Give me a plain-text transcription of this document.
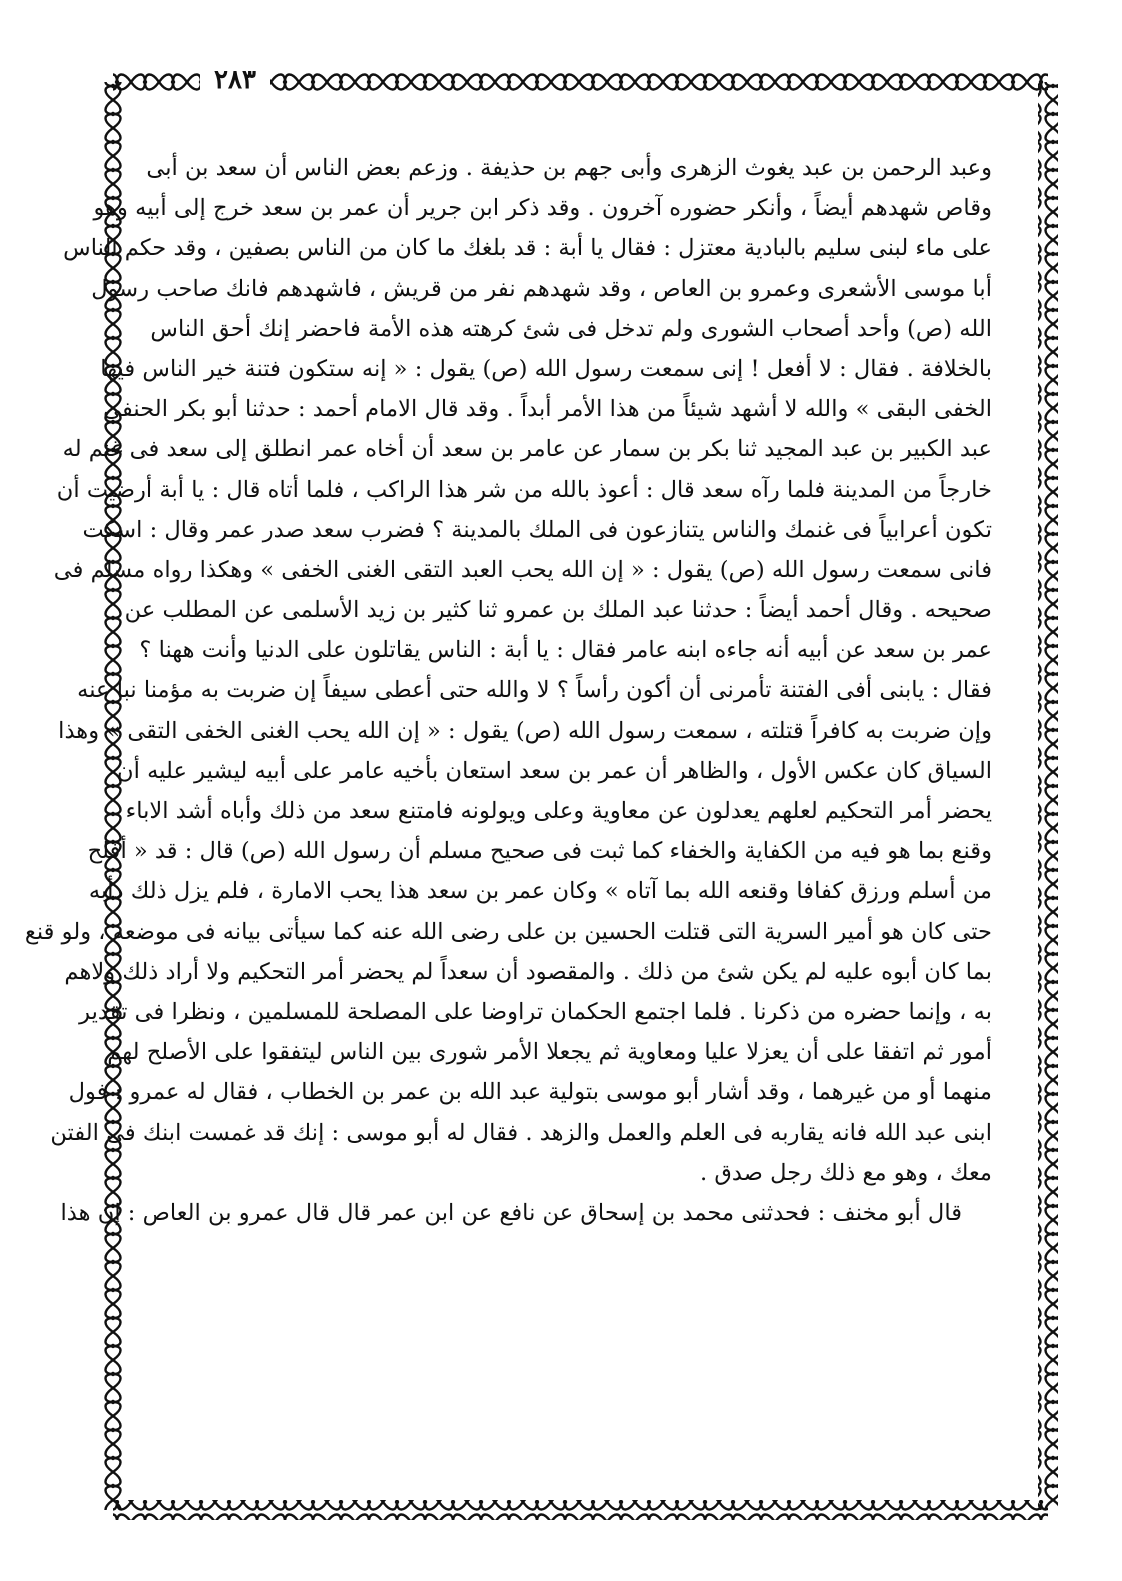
٢٨٣
وعبد الرحمن بن عبد يغوث الزهرى وأبى جهم بن حذيفة . وزعم بعض الناس أن سعد بن أبى
وقاص شهدهم أيضاً ، وأنكر حضوره آخرون . وقد ذكر ابن جرير أن عمر بن سعد خرج إلى أبيه وهو
على ماء لبنى سليم بالبادية معتزل : فقال يا أبة : قد بلغك ما كان من الناس بصفين ، وقد حكم الناس
أبا موسى الأشعرى وعمرو بن العاص ، وقد شهدهم نفر من قريش ، فاشهدهم فانك صاحب رسول
الله (ص) وأحد أصحاب الشورى ولم تدخل فى شئ كرهته هذه الأمة فاحضر إنك أحق الناس
بالخلافة . فقال : لا أفعل ! إنى سمعت رسول الله (ص) يقول : « إنه ستكون فتنة خير الناس فيها
الخفى البقى » والله لا أشهد شيئاً من هذا الأمر أبداً . وقد قال الامام أحمد : حدثنا أبو بكر الحنفى
عبد الكبير بن عبد المجيد ثنا بكر بن سمار عن عامر بن سعد أن أخاه عمر انطلق إلى سعد فى غنم له
خارجاً من المدينة فلما رآه سعد قال : أعوذ بالله من شر هذا الراكب ، فلما أتاه قال : يا أبة أرضيت أن
تكون أعرابياً فى غنمك والناس يتنازعون فى الملك بالمدينة ؟ فضرب سعد صدر عمر وقال : اسكت
فانى سمعت رسول الله (ص) يقول : « إن الله يحب العبد التقى الغنى الخفى » وهكذا رواه مسلم فى
صحيحه . وقال أحمد أيضاً : حدثنا عبد الملك بن عمرو ثنا كثير بن زيد الأسلمى عن المطلب عن
عمر بن سعد عن أبيه أنه جاءه ابنه عامر فقال : يا أبة : الناس يقاتلون على الدنيا وأنت ههنا ؟
فقال : يابنى أفى الفتنة تأمرنى أن أكون رأساً ؟ لا والله حتى أعطى سيفاً إن ضربت به مؤمنا نبا عنه
وإن ضربت به كافراً قتلته ، سمعت رسول الله (ص) يقول : « إن الله يحب الغنى الخفى التقى » وهذا
السياق كان عكس الأول ، والظاهر أن عمر بن سعد استعان بأخيه عامر على أبيه ليشير عليه أن
يحضر أمر التحكيم لعلهم يعدلون عن معاوية وعلى ويولونه فامتنع سعد من ذلك وأباه أشد الاباء
وقنع بما هو فيه من الكفاية والخفاء كما ثبت فى صحيح مسلم أن رسول الله (ص) قال : قد « أفلح
من أسلم ورزق كفافا وقنعه الله بما آتاه » وكان عمر بن سعد هذا يحب الامارة ، فلم يزل ذلك دأبه
حتى كان هو أمير السرية التى قتلت الحسين بن على رضى الله عنه كما سيأتى بيانه فى موضعه ، ولو قنع
بما كان أبوه عليه لم يكن شئ من ذلك . والمقصود أن سعداً لم يحضر أمر التحكيم ولا أراد ذلك ولاهم
به ، وإنما حضره من ذكرنا . فلما اجتمع الحكمان تراوضا على المصلحة للمسلمين ، ونظرا فى تقدير
أمور ثم اتفقا على أن يعزلا عليا ومعاوية ثم يجعلا الأمر شورى بين الناس ليتفقوا على الأصلح لهم
منهما أو من غيرهما ، وقد أشار أبو موسى بتولية عبد الله بن عمر بن الخطاب ، فقال له عمرو : فول
ابنى عبد الله فانه يقاربه فى العلم والعمل والزهد . فقال له أبو موسى : إنك قد غمست ابنك فى الفتن
معك ، وهو مع ذلك رجل صدق .
قال أبو مخنف : فحدثنى محمد بن إسحاق عن نافع عن ابن عمر قال قال عمرو بن العاص : إن هذا
